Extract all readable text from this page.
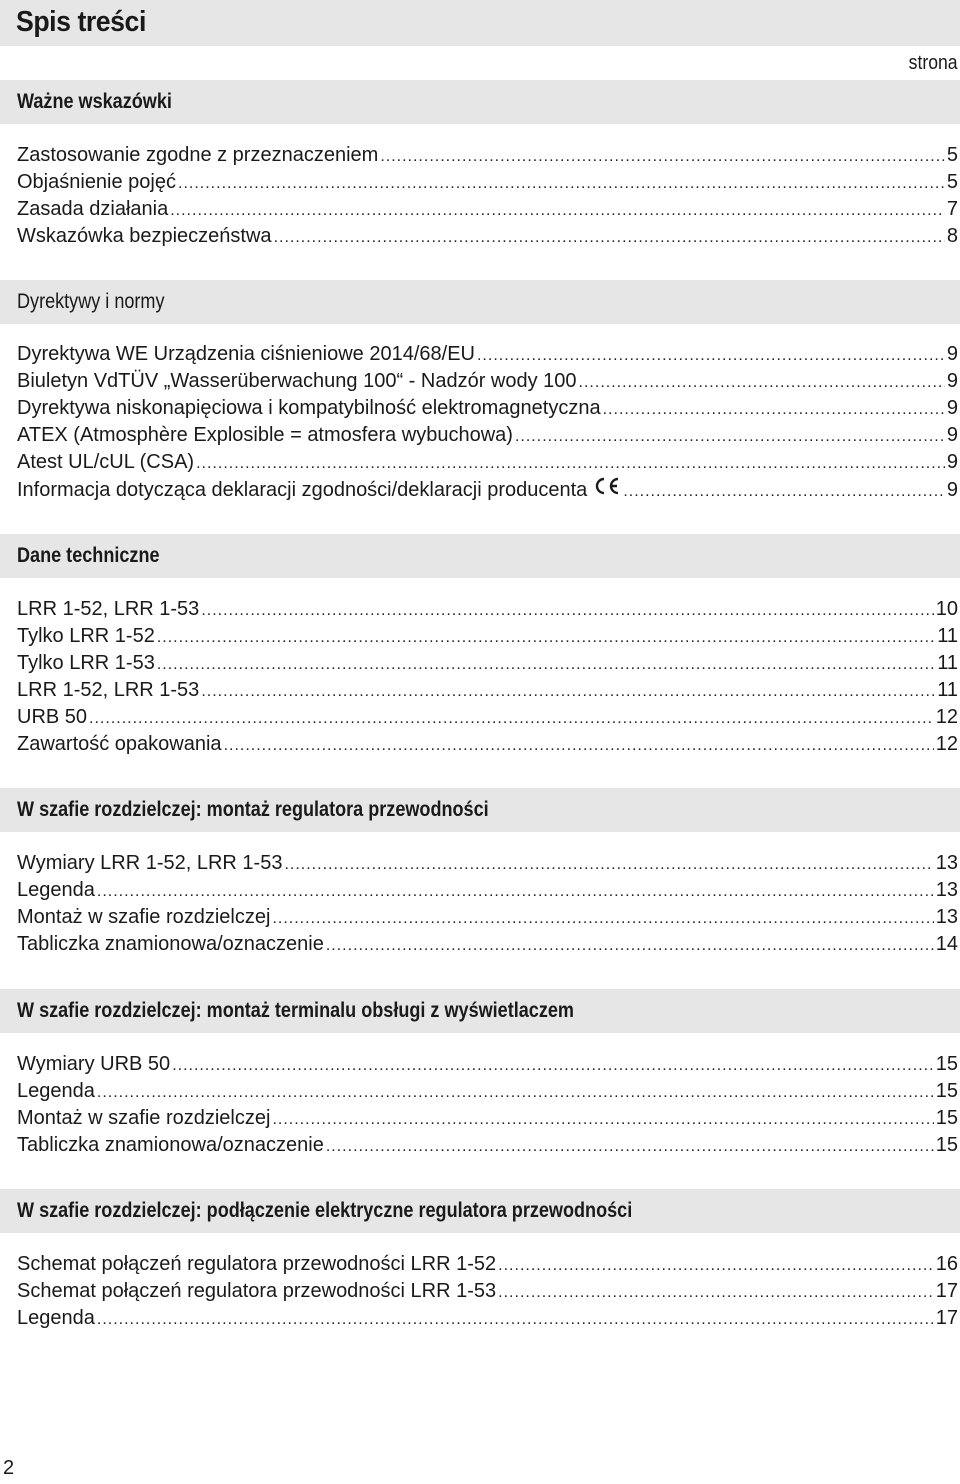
Spis treści
strona
Ważne wskazówki
Zastosowanie zgodne z przeznaczeniem .....	5
Objaśnienie pojęć .....	5
Zasada działania .....	7
Wskazówka bezpieczeństwa .....	8
Dyrektywy i normy
Dyrektywa WE Urządzenia ciśnieniowe 2014/68/EU .....	9
Biuletyn VdTÜV „Wasserüberwachung 100“ - Nadzór wody 100 .....	9
Dyrektywa niskonapięciowa i kompatybilność elektromagnetyczna .....	9
ATEX (Atmosphère Explosible = atmosfera wybuchowa) .....	9
Atest UL/cUL (CSA) .....	9
Informacja dotycząca deklaracji zgodności/deklaracji producenta .....	9
Dane techniczne
LRR 1-52, LRR 1-53 .....	10
Tylko LRR 1-52 .....	11
Tylko LRR 1-53 .....	11
LRR 1-52, LRR 1-53 .....	11
URB 50 .....	12
Zawartość opakowania .....	12
W szafie rozdzielczej: montaż regulatora przewodności
Wymiary LRR 1-52, LRR 1-53 .....	13
Legenda .....	13
Montaż w szafie rozdzielczej .....	13
Tabliczka znamionowa/oznaczenie .....	14
W szafie rozdzielczej: montaż terminalu obsługi z wyświetlaczem
Wymiary URB 50 .....	15
Legenda .....	15
Montaż w szafie rozdzielczej .....	15
Tabliczka znamionowa/oznaczenie .....	15
W szafie rozdzielczej: podłączenie elektryczne regulatora przewodności
Schemat połączeń regulatora przewodności LRR 1-52 .....	16
Schemat połączeń regulatora przewodności LRR 1-53 .....	17
Legenda .....	17
2
